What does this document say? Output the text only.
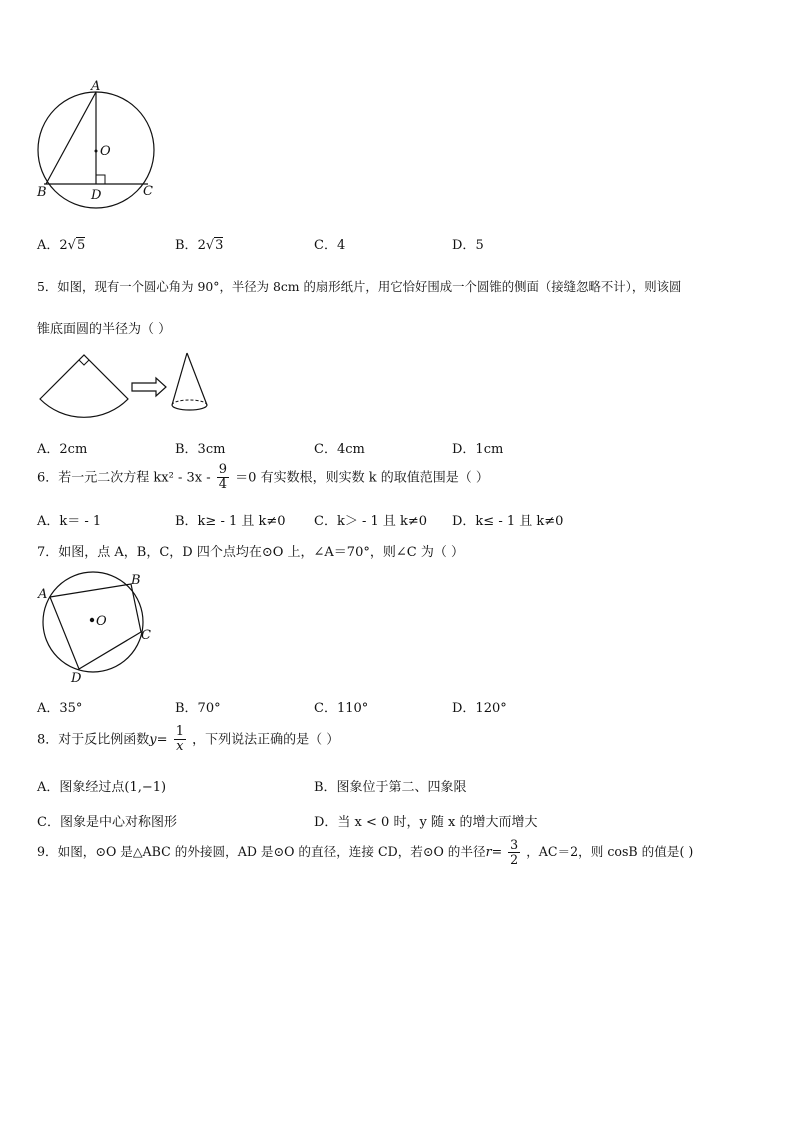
A
O
B	D	C
A．2√5	B．2√3	C．4	D．5
5．如图，现有一个圆心角为 90°，半径为 8cm 的扇形纸片，用它恰好围成一个圆锥的侧面（接缝忽略不计），则该圆
锥底面圆的半径为（ ）
A．2cm	B．3cm	C．4cm	D．1cm
6．若一元二次方程 $kx^2 - 3x - \frac{9}{4} =0$ 有实数根，则实数 k 的取值范围是（ ）
A．k＝ - 1	B．k≥ - 1 且 k≠0 C．k＞ - 1 且 k≠0 D．k≤ - 1 且 k≠0
7．如图，点 A，B，C，D 四个点均在⊙O 上，∠A＝70°，则∠C 为（ ）
A
B
C
D
O
A．35°	B．70°	C．110°	D．120°
8．对于反比例函数$y= \frac{1}{x}$ ，下列说法正确的是（ ）
A．图象经过点(1,−1)	B．图象位于第二、四象限
C．图象是中心对称图形	D．当 x < 0 时，y 随 x 的增大而增大
9．如图，⊙O 是△ABC 的外接圆，AD 是⊙O 的直径，连接 CD，若⊙O 的半径$r= \frac{3}{2}$ ，AC＝2，则 cosB 的值是( )
